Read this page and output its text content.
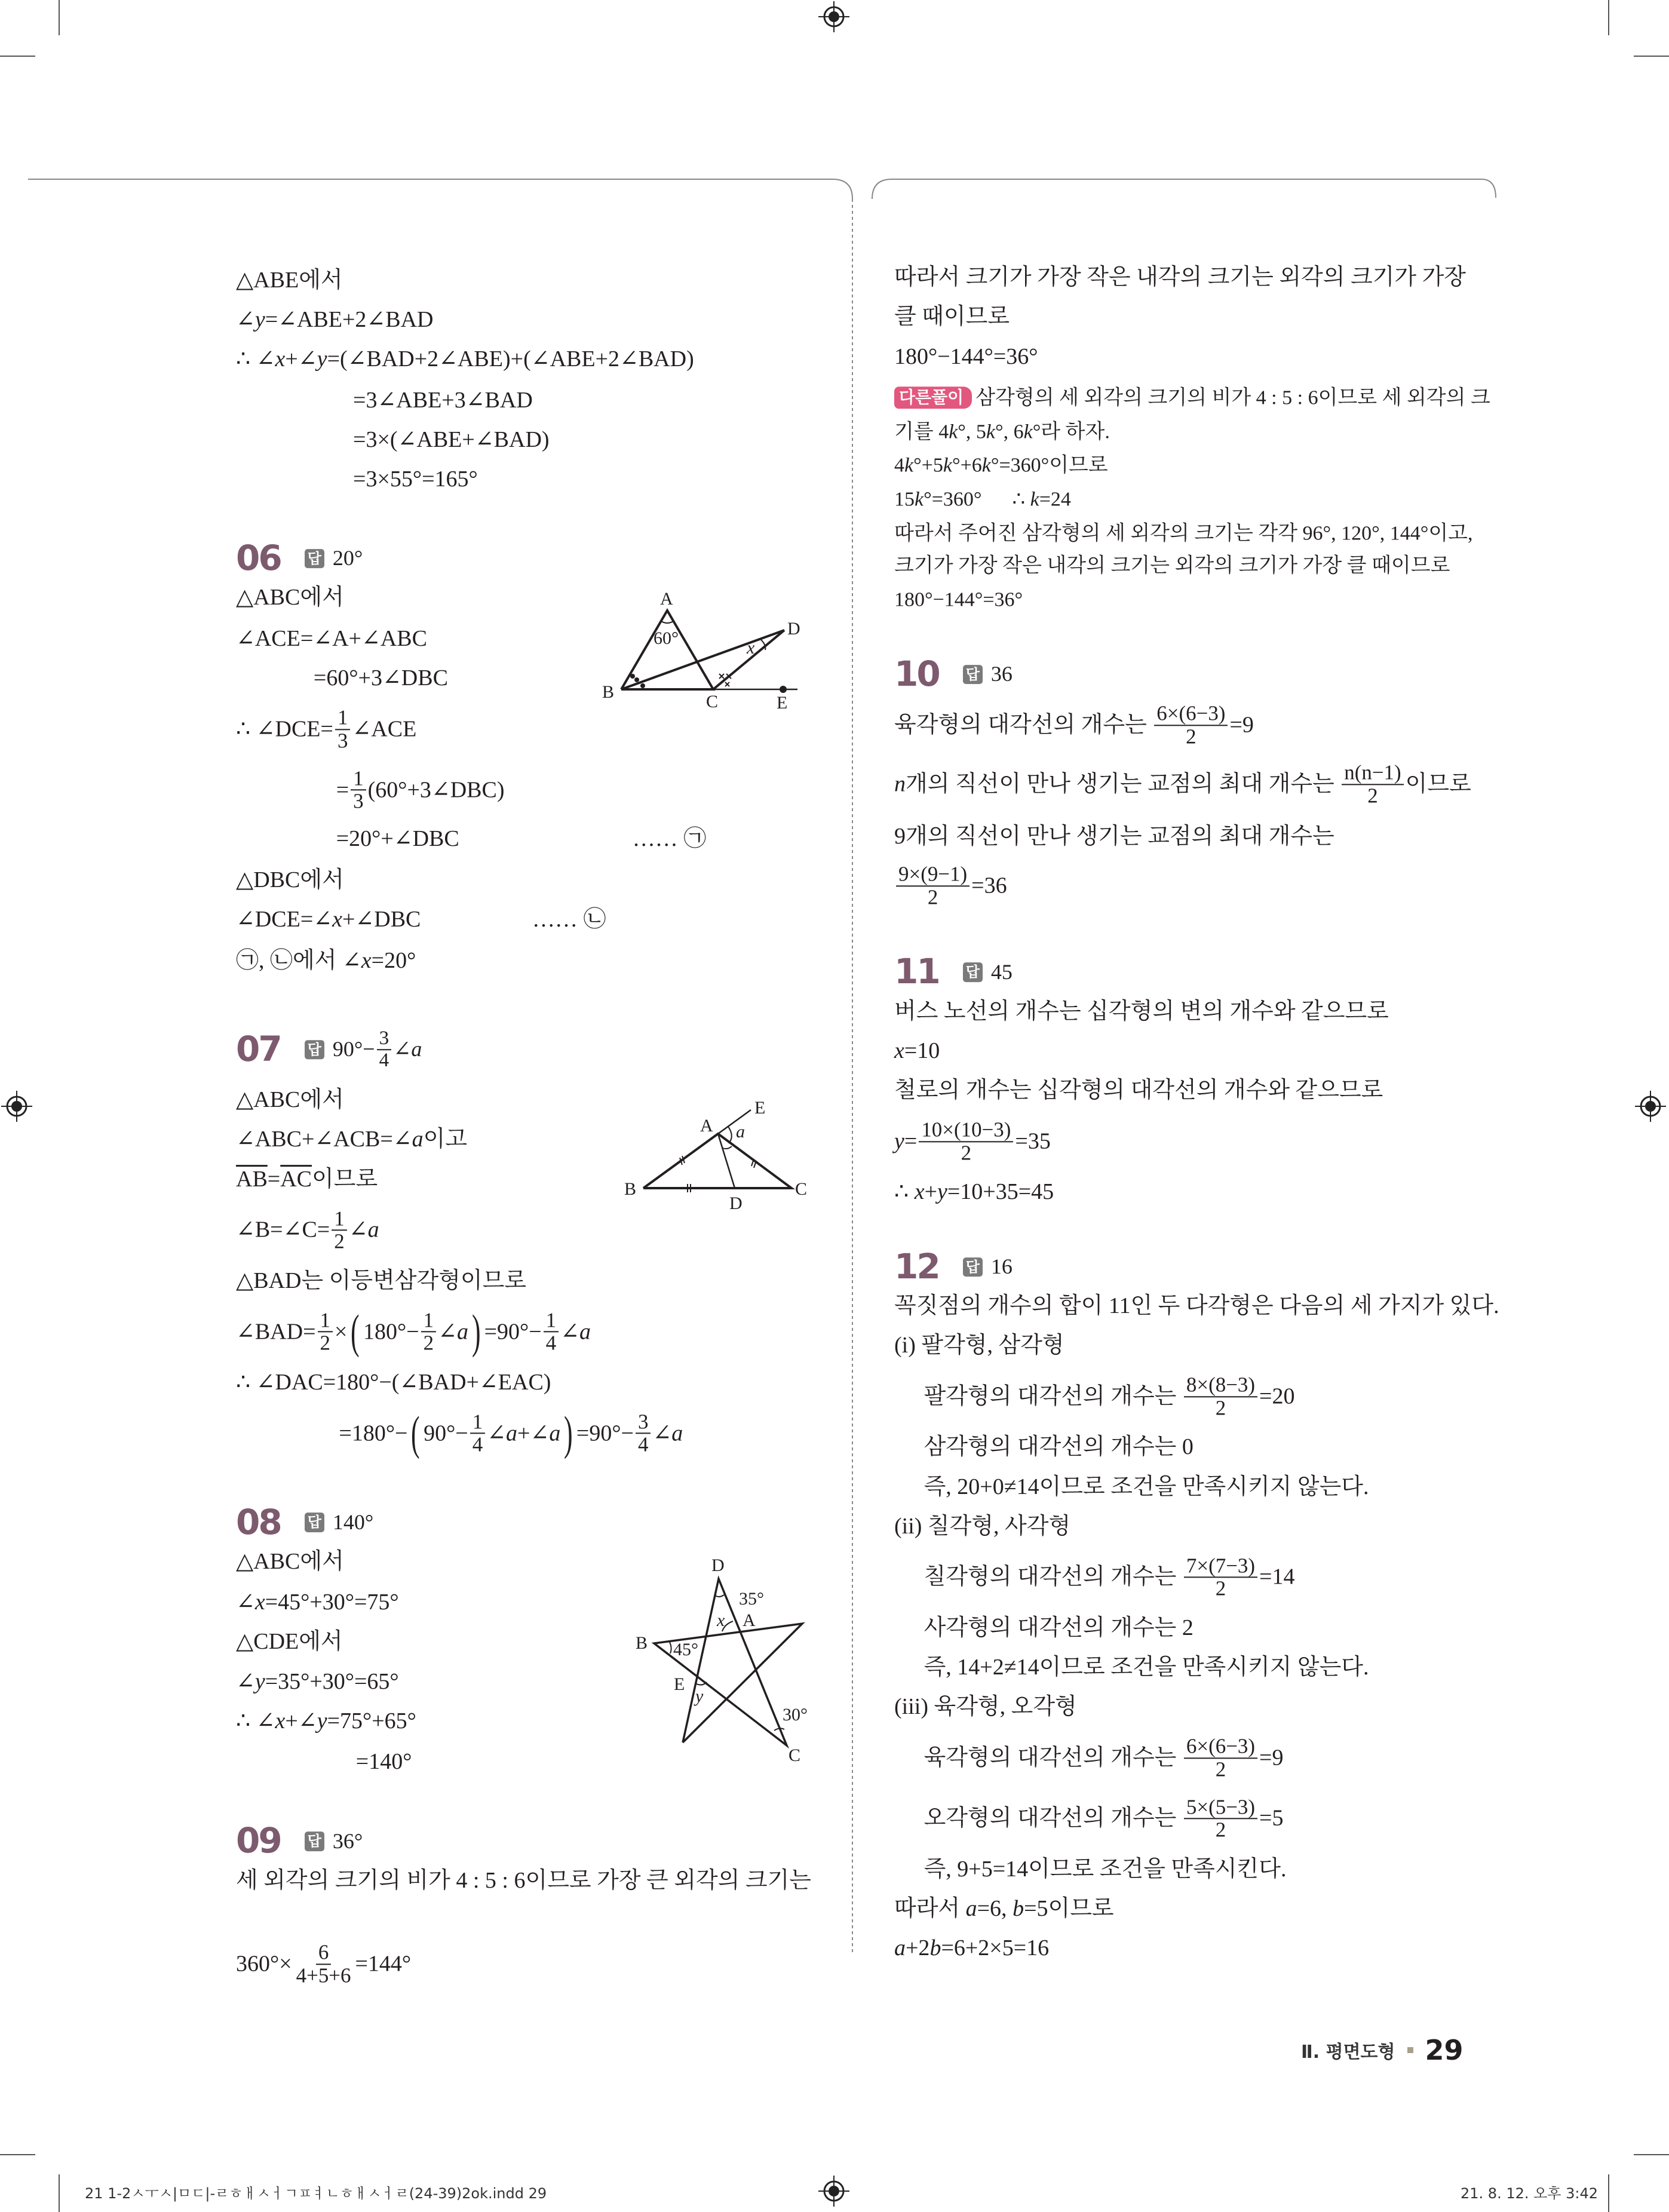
A
B	C
D
E
60°	x
A
E
a
B	C
D
D
35°
x A
B 45°
E
y
30°
C
△ABE에서
∠ y =∠ABE+2∠BAD
∴ ∠ x +∠ y =(∠BAD+2∠ABE)+(∠ABE+2∠BAD)
=3∠ABE+3∠BAD
=3×(∠ABE+∠BAD)
=3×55°=165°
06 답 20°
△ABC에서
∠ACE=∠A+∠ABC
=60°+3∠DBC
∴ ∠DCE= $\frac{1}{3}$ ∠ACE
= $\frac{1}{3}$ (60°+3∠DBC)
=20°+∠DBC	…… ㉠
△DBC에서
∠DCE=∠ x +∠DBC	…… ㉡
㉠, ㉡에서 ∠ x =20°
07 답 $90^\circ- \frac{3}{4}$ ∠ a
△ABC에서
∠ABC+∠ACB=∠ a 이고
$\overline{AB} = \overline{AC}$ 이므로
∠B=∠C= $\frac{1}{2}$ ∠ a
△BAD는 이등변삼각형이므로
∠BAD= $\frac{1}{2}$ × ( $180^\circ- \frac{1}{2}$ ∠ a ) $=90^\circ- \frac{1}{4}$ ∠ a
∴ ∠DAC=180°−(∠BAD+∠EAC)
=180°− ( $90^\circ- \frac{1}{4}$ ∠ a +∠ a ) $=90^\circ- \frac{3}{4}$ ∠ a
08 답 140°
△ABC에서
∠ x =45°+30°=75°
△CDE에서
∠ y =35°+30°=65°
∴ ∠ x +∠ y =75°+65°
=140°
09 답 36°
세 외각의 크기의 비가 4 : 5 : 6이므로 가장 큰 외각의 크기는
$360^\circ\times \frac{6}{4+5+6} =144^\circ$
따라서 크기가 가장 작은 내각의 크기는 외각의 크기가 가장
클 때이므로
180°−144°=36°
다른풀이 삼각형의 세 외각의 크기의 비가 4 : 5 : 6이므로 세 외각의 크
기를 4 k °, 5 k °, 6 k °라 하자.
4 k °+5 k °+6 k °=360°이므로
15 k °=360°      ∴ k =24
따라서 주어진 삼각형의 세 외각의 크기는 각각 96°, 120°, 144°이고,
크기가 가장 작은 내각의 크기는 외각의 크기가 가장 클 때이므로
180°−144°=36°
10 답 36
육각형의 대각선의 개수는 $\frac{6\times(6-3)}{2} =9$
n 개의 직선이 만나 생기는 교점의 최대 개수는 $\frac{n(n-1)}{2}$ 이므로
9개의 직선이 만나 생기는 교점의 최대 개수는
$\frac{9\times(9-1)}{2} =36$
11 답 45
버스 노선의 개수는 십각형의 변의 개수와 같으므로
x =10
철로의 개수는 십각형의 대각선의 개수와 같으므로
$y = \frac{10\times(10-3)}{2} =35$
∴ x + y =10+35=45
12 답 16
꼭짓점의 개수의 합이 11인 두 다각형은 다음의 세 가지가 있다.
(i) 팔각형, 삼각형
팔각형의 대각선의 개수는 $\frac{8\times(8-3)}{2} =20$
삼각형의 대각선의 개수는 0
즉, 20+0≠14이므로 조건을 만족시키지 않는다.
(ii) 칠각형, 사각형
칠각형의 대각선의 개수는 $\frac{7\times(7-3)}{2} =14$
사각형의 대각선의 개수는 2
즉, 14+2≠14이므로 조건을 만족시키지 않는다.
(iii) 육각형, 오각형
육각형의 대각선의 개수는 $\frac{6\times(6-3)}{2} =9$
오각형의 대각선의 개수는 $\frac{5\times(5-3)}{2} =5$
즉, 9+5=14이므로 조건을 만족시킨다.
따라서 a =6, b =5이므로
a +2 b =6+2×5=16
Ⅱ. 평면도형 29
21 1-2ㅅㅜㅅ|ㅁㄷ|-ㄹㅎㅐㅅㅓㄱㅍㅕㄴㅎㅐㅅㅓㄹ(24-39)2ok.indd 29	21. 8. 12. 오후 3:42
